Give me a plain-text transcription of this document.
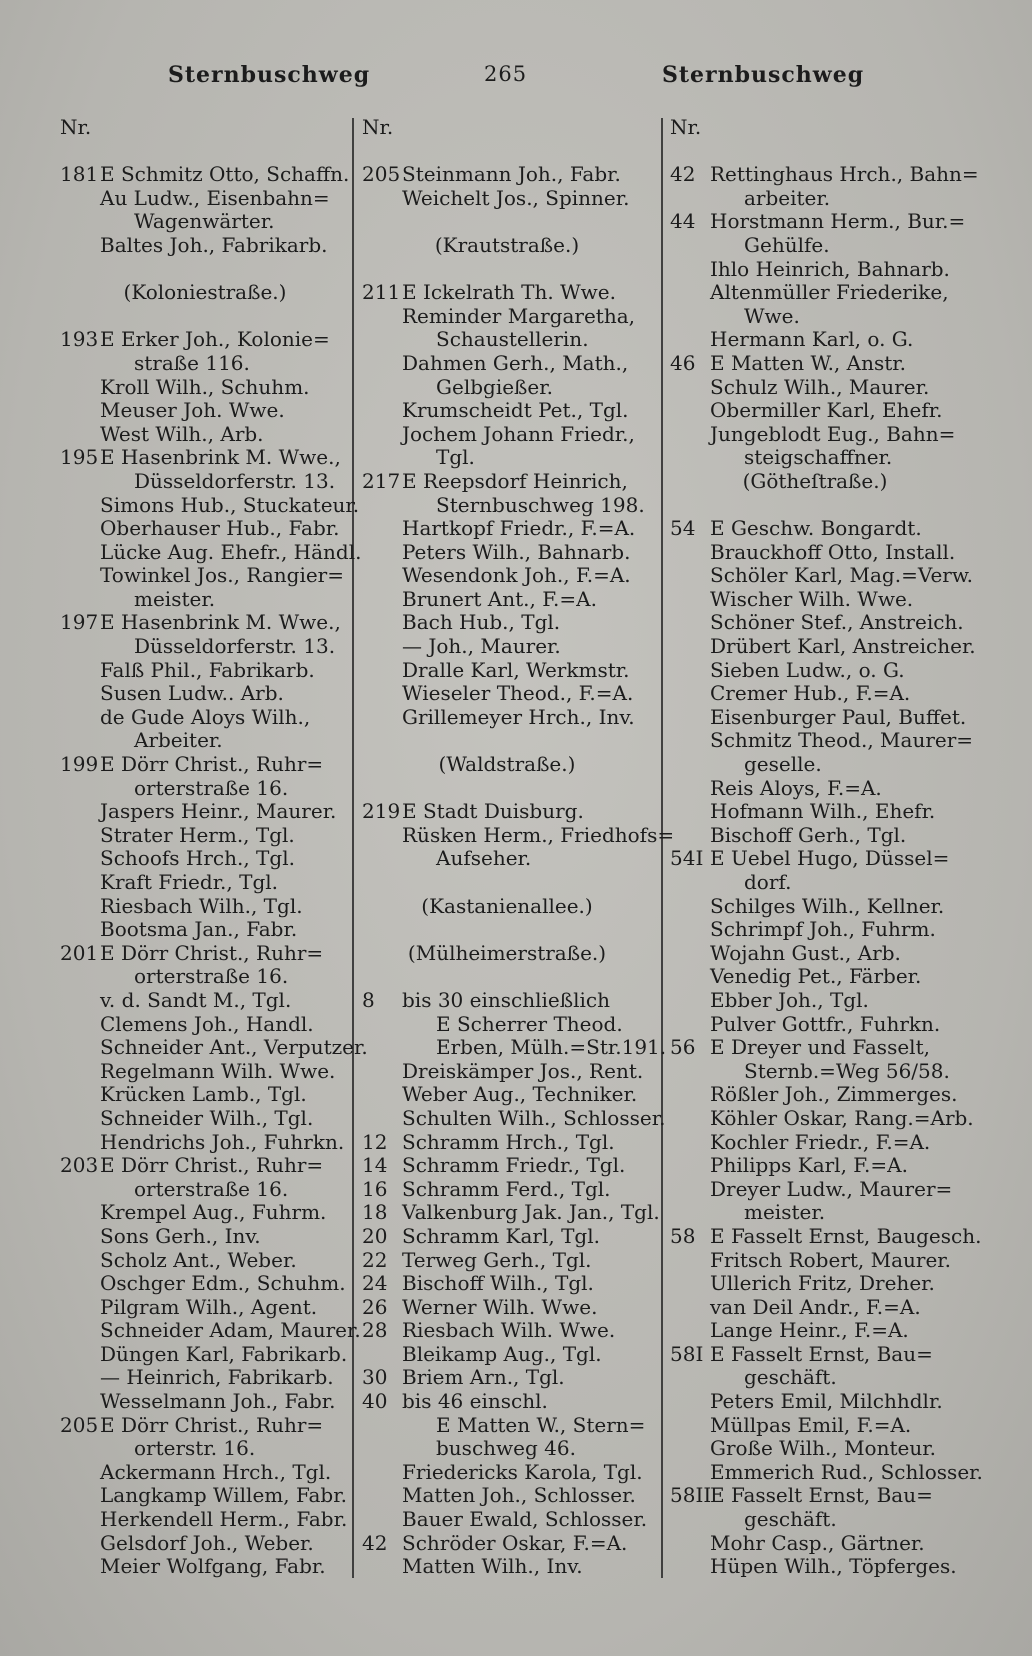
Sternbuschweg	265	Sternbuschweg
Nr.
181E Schmitz Otto, Schaffn.
Au Ludw., Eisenbahn=
Wagenwärter.
Baltes Joh., Fabrikarb.
(Koloniestraße.)
193E Erker Joh., Kolonie=
straße 116.
Kroll Wilh., Schuhm.
Meuser Joh. Wwe.
West Wilh., Arb.
195E Hasenbrink M. Wwe.,
Düsseldorferstr. 13.
Simons Hub., Stuckateur.
Oberhauser Hub., Fabr.
Lücke Aug. Ehefr., Händl.
Towinkel Jos., Rangier=
meister.
197E Hasenbrink M. Wwe.,
Düsseldorferstr. 13.
Falß Phil., Fabrikarb.
Susen Ludw.. Arb.
de Gude Aloys Wilh.,
Arbeiter.
199E Dörr Christ., Ruhr=
orterstraße 16.
Jaspers Heinr., Maurer.
Strater Herm., Tgl.
Schoofs Hrch., Tgl.
Kraft Friedr., Tgl.
Riesbach Wilh., Tgl.
Bootsma Jan., Fabr.
201E Dörr Christ., Ruhr=
orterstraße 16.
v. d. Sandt M., Tgl.
Clemens Joh., Handl.
Schneider Ant., Verputzer.
Regelmann Wilh. Wwe.
Krücken Lamb., Tgl.
Schneider Wilh., Tgl.
Hendrichs Joh., Fuhrkn.
203E Dörr Christ., Ruhr=
orterstraße 16.
Krempel Aug., Fuhrm.
Sons Gerh., Inv.
Scholz Ant., Weber.
Oschger Edm., Schuhm.
Pilgram Wilh., Agent.
Schneider Adam, Maurer.
Düngen Karl, Fabrikarb.
— Heinrich, Fabrikarb.
Wesselmann Joh., Fabr.
205E Dörr Christ., Ruhr=
orterstr. 16.
Ackermann Hrch., Tgl.
Langkamp Willem, Fabr.
Herkendell Herm., Fabr.
Gelsdorf Joh., Weber.
Meier Wolfgang, Fabr.
Nr.
205Steinmann Joh., Fabr.
Weichelt Jos., Spinner.
(Krautstraße.)
211E Ickelrath Th. Wwe.
Reminder Margaretha,
Schaustellerin.
Dahmen Gerh., Math.,
Gelbgießer.
Krumscheidt Pet., Tgl.
Jochem Johann Friedr.,
Tgl.
217E Reepsdorf Heinrich,
Sternbuschweg 198.
Hartkopf Friedr., F.=A.
Peters Wilh., Bahnarb.
Wesendonk Joh., F.=A.
Brunert Ant., F.=A.
Bach Hub., Tgl.
— Joh., Maurer.
Dralle Karl, Werkmstr.
Wieseler Theod., F.=A.
Grillemeyer Hrch., Inv.
(Waldstraße.)
219E Stadt Duisburg.
Rüsken Herm., Friedhofs=
Aufseher.
(Kastanienallee.)
(Mülheimerstraße.)
8 bis 30 einschließlich
E Scherrer Theod.
Erben, Mülh.=Str.191.
Dreiskämper Jos., Rent.
Weber Aug., Techniker.
Schulten Wilh., Schlosser.
12 Schramm Hrch., Tgl.
14 Schramm Friedr., Tgl.
16 Schramm Ferd., Tgl.
18 Valkenburg Jak. Jan., Tgl.
20 Schramm Karl, Tgl.
22 Terweg Gerh., Tgl.
24 Bischoff Wilh., Tgl.
26 Werner Wilh. Wwe.
28 Riesbach Wilh. Wwe.
Bleikamp Aug., Tgl.
30 Briem Arn., Tgl.
40 bis 46 einschl.
E Matten W., Stern=
buschweg 46.
Friedericks Karola, Tgl.
Matten Joh., Schlosser.
Bauer Ewald, Schlosser.
42 Schröder Oskar, F.=A.
Matten Wilh., Inv.
Nr.
42 Rettinghaus Hrch., Bahn=
arbeiter.
44 Horstmann Herm., Bur.=
Gehülfe.
Ihlo Heinrich, Bahnarb.
Altenmüller Friederike,
Wwe.
Hermann Karl, o. G.
46 E Matten W., Anstr.
Schulz Wilh., Maurer.
Obermiller Karl, Ehefr.
Jungeblodt Eug., Bahn=
steigschaffner.
(Götheſtraße.)
54 E Geschw. Bongardt.
Brauckhoff Otto, Install.
Schöler Karl, Mag.=Verw.
Wischer Wilh. Wwe.
Schöner Stef., Anstreich.
Drübert Karl, Anstreicher.
Sieben Ludw., o. G.
Cremer Hub., F.=A.
Eisenburger Paul, Buffet.
Schmitz Theod., Maurer=
geselle.
Reis Aloys, F.=A.
Hofmann Wilh., Ehefr.
Bischoff Gerh., Tgl.
54I E Uebel Hugo, Düssel=
dorf.
Schilges Wilh., Kellner.
Schrimpf Joh., Fuhrm.
Wojahn Gust., Arb.
Venedig Pet., Färber.
Ebber Joh., Tgl.
Pulver Gottfr., Fuhrkn.
56 E Dreyer und Fasselt,
Sternb.=Weg 56/58.
Rößler Joh., Zimmerges.
Köhler Oskar, Rang.=Arb.
Kochler Friedr., F.=A.
Philipps Karl, F.=A.
Dreyer Ludw., Maurer=
meister.
58 E Fasselt Ernst, Baugesch.
Fritsch Robert, Maurer.
Ullerich Fritz, Dreher.
van Deil Andr., F.=A.
Lange Heinr., F.=A.
58I E Fasselt Ernst, Bau=
geschäft.
Peters Emil, Milchhdlr.
Müllpas Emil, F.=A.
Große Wilh., Monteur.
Emmerich Rud., Schlosser.
58IIE Fasselt Ernst, Bau=
geschäft.
Mohr Casp., Gärtner.
Hüpen Wilh., Töpferges.
